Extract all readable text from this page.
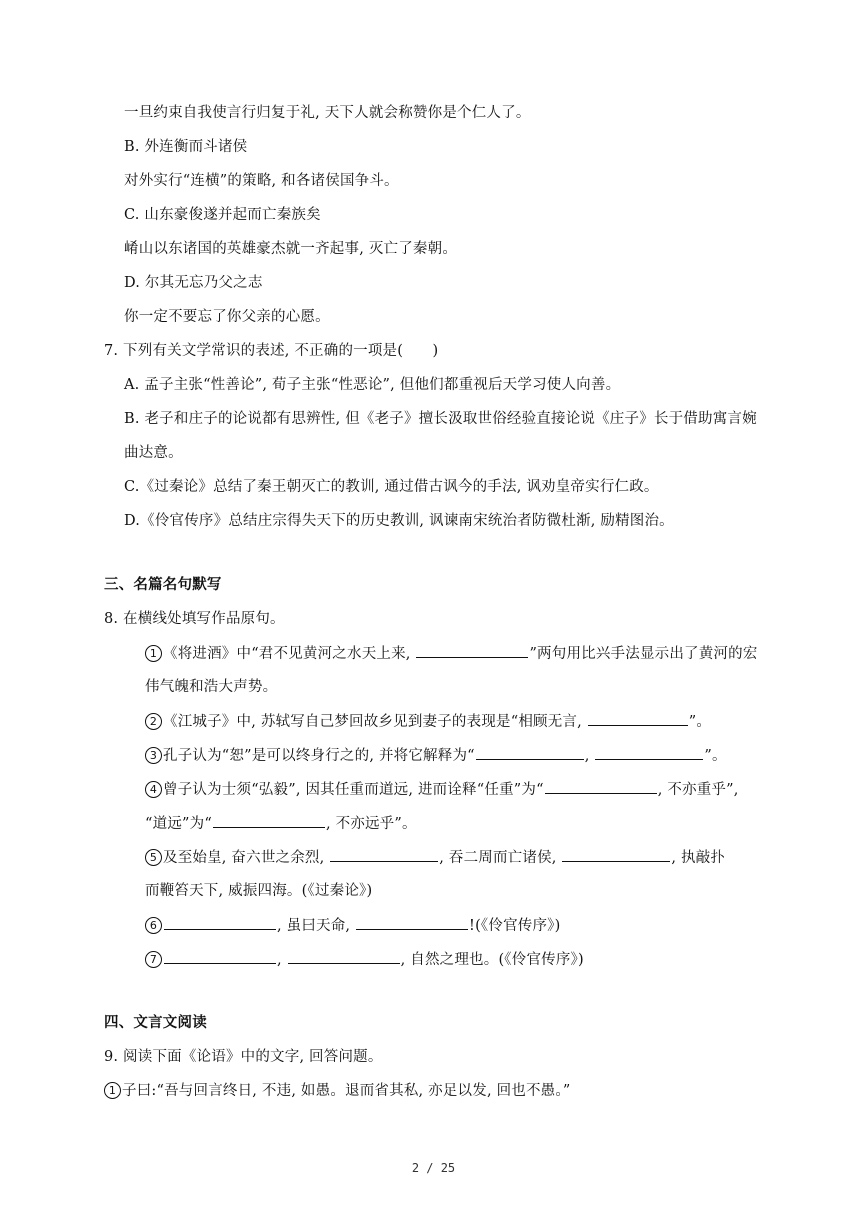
一旦约束自我使言行归复于礼, 天下人就会称赞你是个仁人了。
B. 外连衡而斗诸侯
对外实行“连横”的策略, 和各诸侯国争斗。
C. 山东豪俊遂并起而亡秦族矣
崤山以东诸国的英雄豪杰就一齐起事, 灭亡了秦朝。
D. 尔其无忘乃父之志
你一定不要忘了你父亲的心愿。
7. 下列有关文学常识的表述, 不正确的一项是(　　)
A. 孟子主张“性善论”, 荀子主张“性恶论”, 但他们都重视后天学习使人向善。
B. 老子和庄子的论说都有思辨性, 但《老子》擅长汲取世俗经验直接论说《庄子》长于借助寓言婉
曲达意。
C.《过秦论》总结了秦王朝灭亡的教训, 通过借古讽今的手法, 讽劝皇帝实行仁政。
D.《伶官传序》总结庄宗得失天下的历史教训, 讽谏南宋统治者防微杜渐, 励精图治。
三、名篇名句默写
8. 在横线处填写作品原句。
1 《将进酒》中“君不见黄河之水天上来,	”两句用比兴手法显示出了黄河的宏
伟气魄和浩大声势。
2 《江城子》中, 苏轼写自己梦回故乡见到妻子的表现是“相顾无言,	”。
3 孔子认为“恕”是可以终身行之的, 并将它解释为“	,	”。
4 曾子认为士须“弘毅”, 因其任重而道远, 进而诠释“任重”为“	, 不亦重乎”,
“道远”为“	, 不亦远乎”。
5 及至始皇, 奋六世之余烈,	, 吞二周而亡诸侯,	, 执敲扑
而鞭笞天下, 威振四海。(《过秦论》)
6	, 虽曰天命,	!(《伶官传序》)
7	,	, 自然之理也。(《伶官传序》)
四、文言文阅读
9. 阅读下面《论语》中的文字, 回答问题。
1 子曰:“吾与回言终日, 不违, 如愚。退而省其私, 亦足以发, 回也不愚。”
2 / 25
